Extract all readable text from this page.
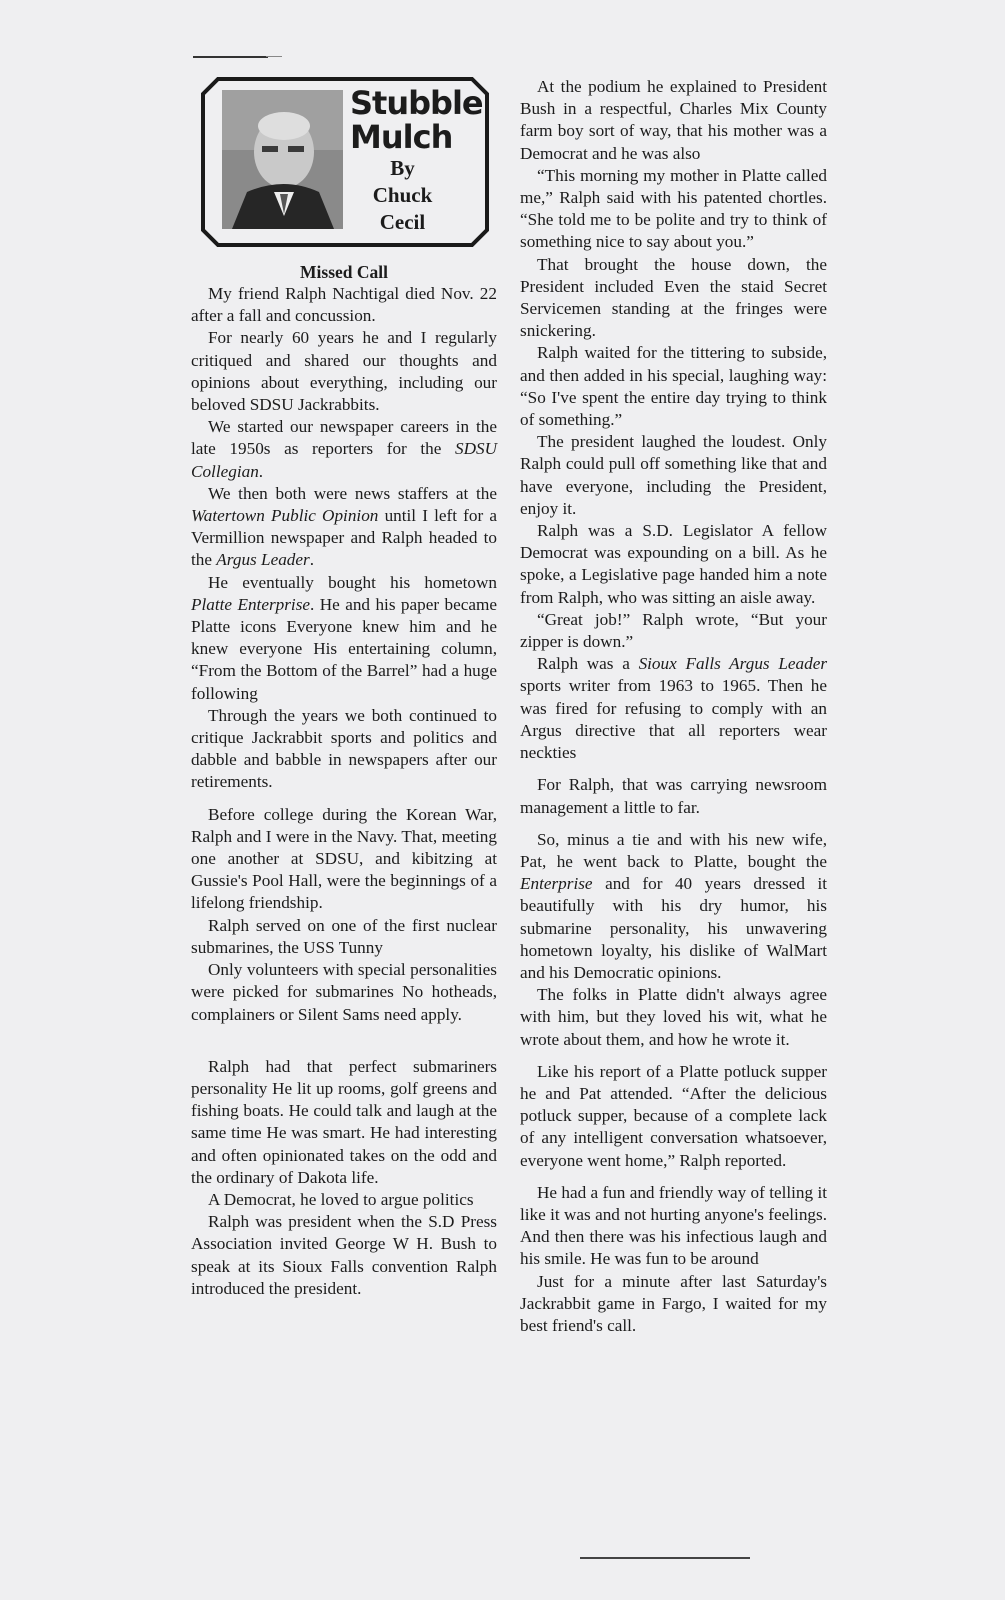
Stubble
Mulch
By
Chuck
Cecil
Missed Call

My friend Ralph Nachtigal died Nov. 22 after a fall and concussion.

For nearly 60 years he and I regularly critiqued and shared our thoughts and opinions about everything, including our beloved SDSU Jackrabbits.

We started our newspaper careers in the late 1950s as reporters for the SDSU Collegian.

We then both were news staffers at the Watertown Public Opinion until I left for a Vermillion newspaper and Ralph headed to the Argus Leader.

He eventually bought his hometown Platte Enterprise. He and his paper became Platte icons Everyone knew him and he knew everyone His entertaining column, “From the Bottom of the Barrel” had a huge following

Through the years we both continued to critique Jackrabbit sports and politics and dabble and babble in newspapers after our retirements.

Before college during the Korean War, Ralph and I were in the Navy. That, meeting one another at SDSU, and kibitzing at Gussie's Pool Hall, were the beginnings of a lifelong friendship.

Ralph served on one of the first nuclear submarines, the USS Tunny

Only volunteers with special personalities were picked for submarines No hotheads, complainers or Silent Sams need apply.

Ralph had that perfect submariners personality He lit up rooms, golf greens and fishing boats. He could talk and laugh at the same time He was smart. He had interesting and often opinionated takes on the odd and the ordinary of Dakota life.

A Democrat, he loved to argue politics

Ralph was president when the S.D Press Association invited George W H. Bush to speak at its Sioux Falls convention Ralph introduced the president.

At the podium he explained to President Bush in a respectful, Charles Mix County farm boy sort of way, that his mother was a Democrat and he was also

“This morning my mother in Platte called me,” Ralph said with his patented chortles. “She told me to be polite and try to think of something nice to say about you.”

That brought the house down, the President included Even the staid Secret Servicemen standing at the fringes were snickering.

Ralph waited for the tittering to subside, and then added in his special, laughing way: “So I've spent the entire day trying to think of something.”

The president laughed the loudest. Only Ralph could pull off something like that and have everyone, including the President, enjoy it.

Ralph was a S.D. Legislator A fellow Democrat was expounding on a bill. As he spoke, a Legislative page handed him a note from Ralph, who was sitting an aisle away.

“Great job!” Ralph wrote, “But your zipper is down.”

Ralph was a Sioux Falls Argus Leader sports writer from 1963 to 1965. Then he was fired for refusing to comply with an Argus directive that all reporters wear neckties

For Ralph, that was carrying newsroom management a little to far.

So, minus a tie and with his new wife, Pat, he went back to Platte, bought the Enterprise and for 40 years dressed it beautifully with his dry humor, his submarine personality, his unwavering hometown loyalty, his dislike of WalMart and his Democratic opinions.

The folks in Platte didn't always agree with him, but they loved his wit, what he wrote about them, and how he wrote it.

Like his report of a Platte potluck supper he and Pat attended. “After the delicious potluck supper, because of a complete lack of any intelligent conversation whatsoever, everyone went home,” Ralph reported.

He had a fun and friendly way of telling it like it was and not hurting anyone's feelings. And then there was his infectious laugh and his smile. He was fun to be around

Just for a minute after last Saturday's Jackrabbit game in Fargo, I waited for my best friend's call.
